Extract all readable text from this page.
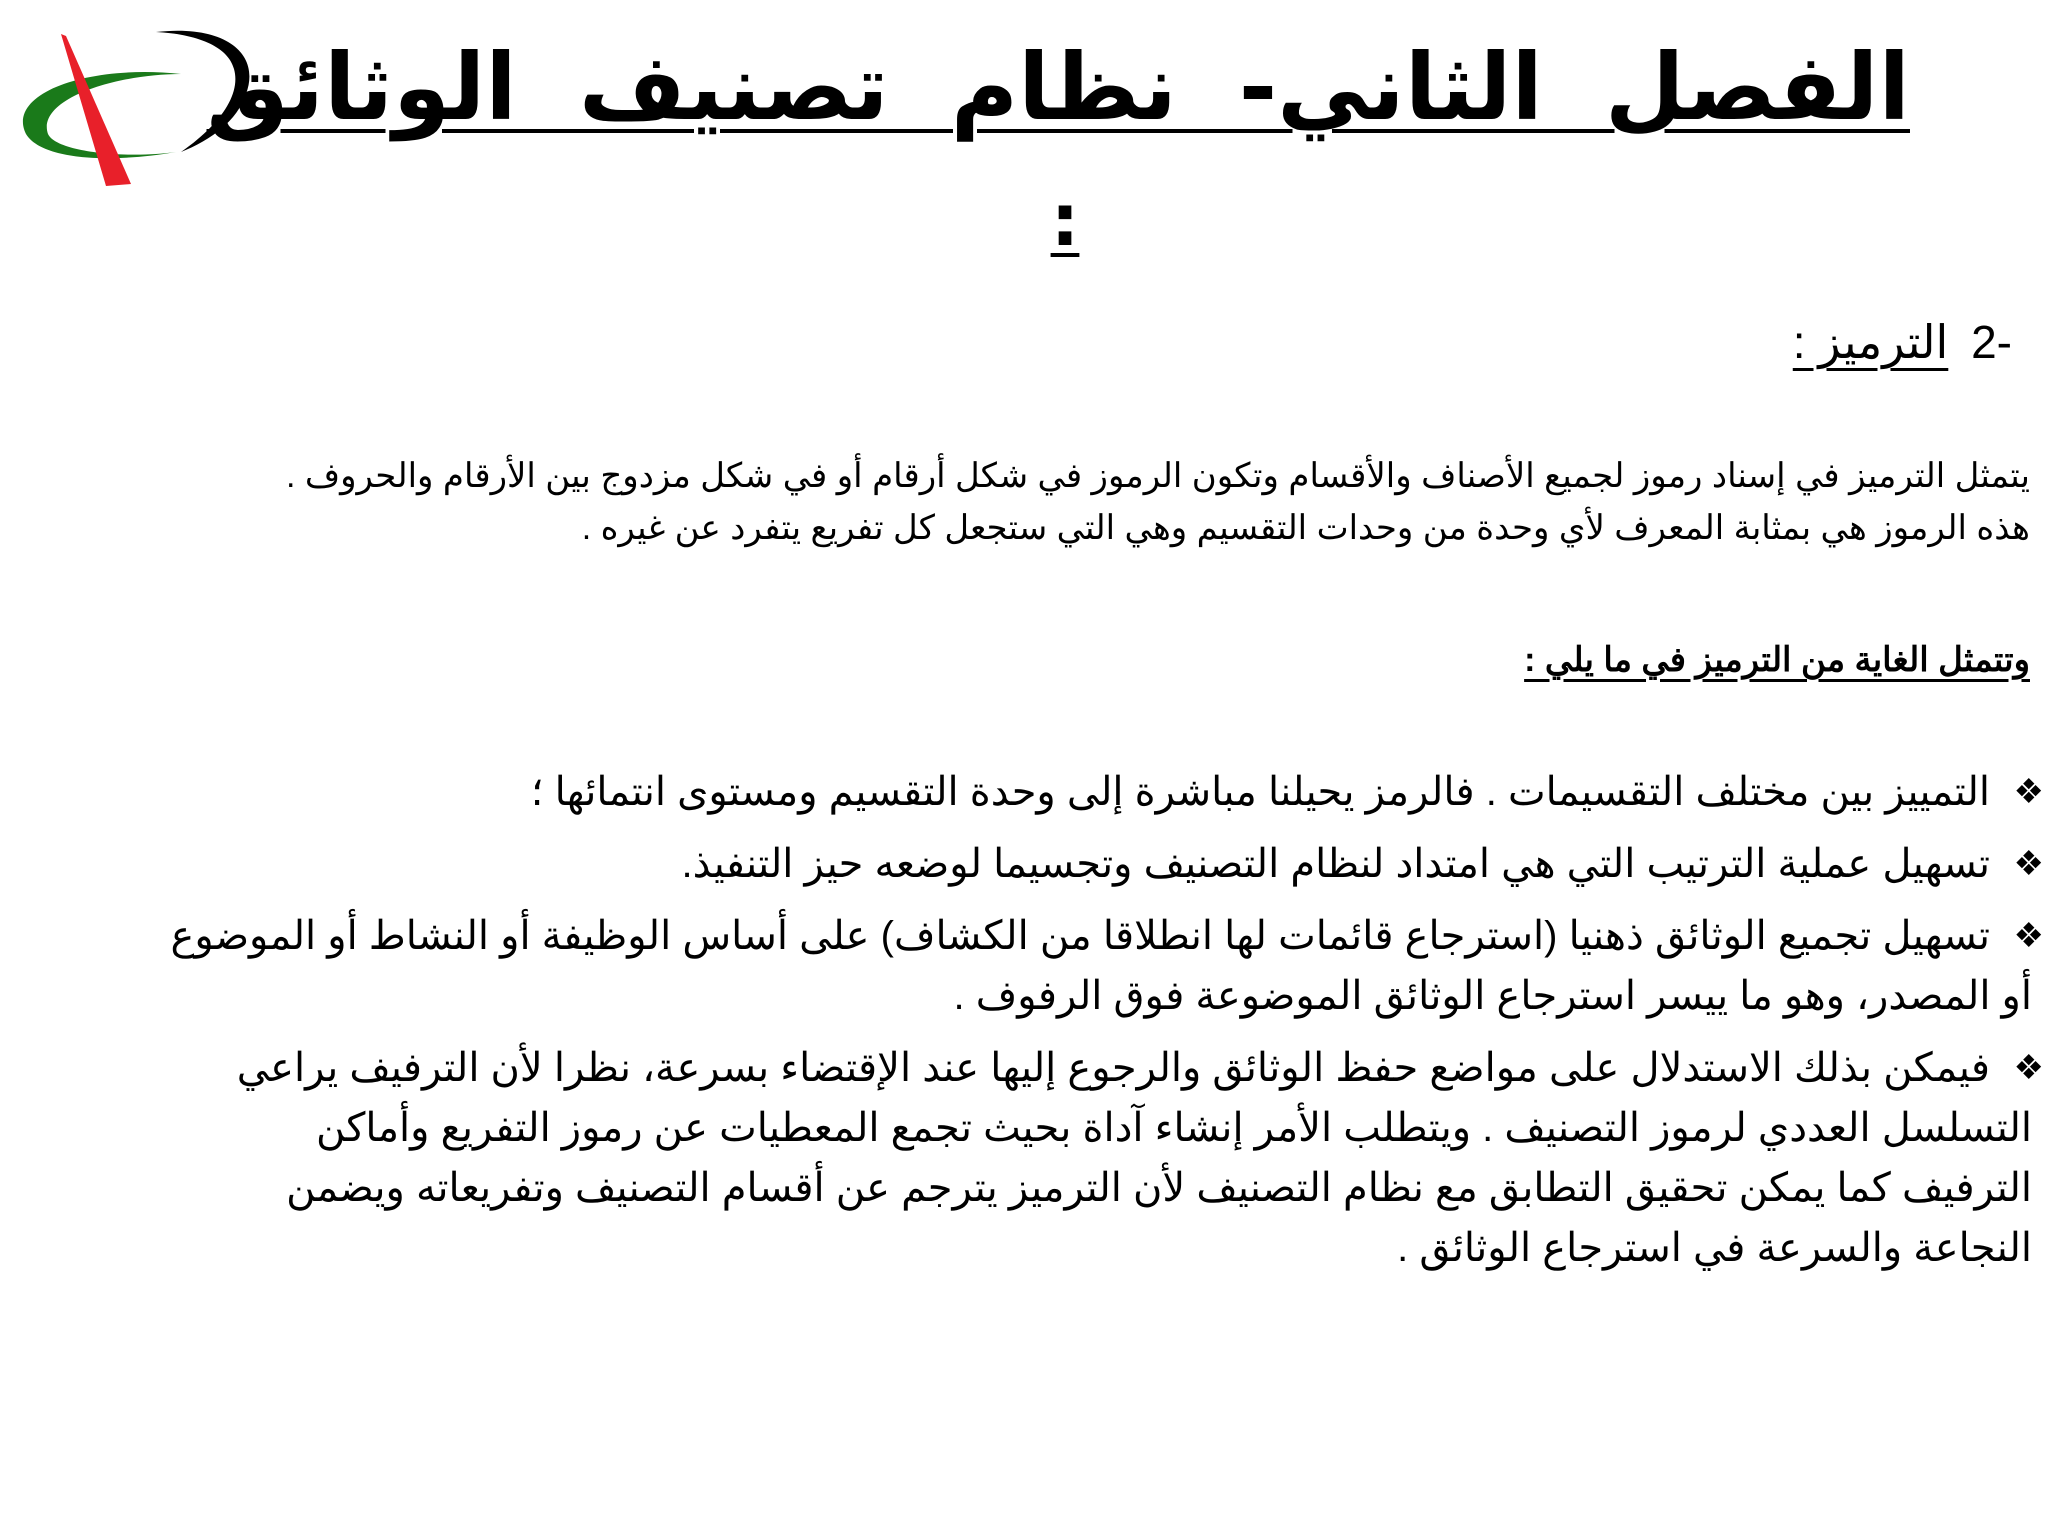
الفصل الثاني- نظام تصنيف الوثائق
:
-2 الترميز :

يتمثل الترميز في إسناد رموز لجميع الأصناف والأقسام وتكون الرموز في شكل أرقام أو في شكل مزدوج بين الأرقام والحروف .

هذه الرموز هي بمثابة المعرف لأي وحدة من وحدات التقسيم وهي التي ستجعل كل تفريع يتفرد عن غيره .

وتتمثل الغاية من الترميز في ما يلي :
❖
التمييز بين مختلف التقسيمات . فالرمز يحيلنا مباشرة إلى وحدة التقسيم ومستوى انتمائها ؛
❖
تسهيل عملية الترتيب التي هي امتداد لنظام التصنيف وتجسيما لوضعه حيز التنفيذ.
❖
تسهيل تجميع الوثائق ذهنيا (استرجاع قائمات لها انطلاقا من الكشاف) على أساس الوظيفة أو النشاط أو الموضوع
أو المصدر، وهو ما ييسر استرجاع الوثائق الموضوعة فوق الرفوف .
❖
فيمكن بذلك الاستدلال على مواضع حفظ الوثائق والرجوع إليها عند الإقتضاء بسرعة، نظرا لأن الترفيف يراعي
التسلسل العددي لرموز التصنيف . ويتطلب الأمر إنشاء آداة بحيث تجمع المعطيات عن رموز التفريع وأماكن
الترفيف كما يمكن تحقيق التطابق مع نظام التصنيف لأن الترميز يترجم عن أقسام التصنيف وتفريعاته ويضمن
النجاعة والسرعة في استرجاع الوثائق .
